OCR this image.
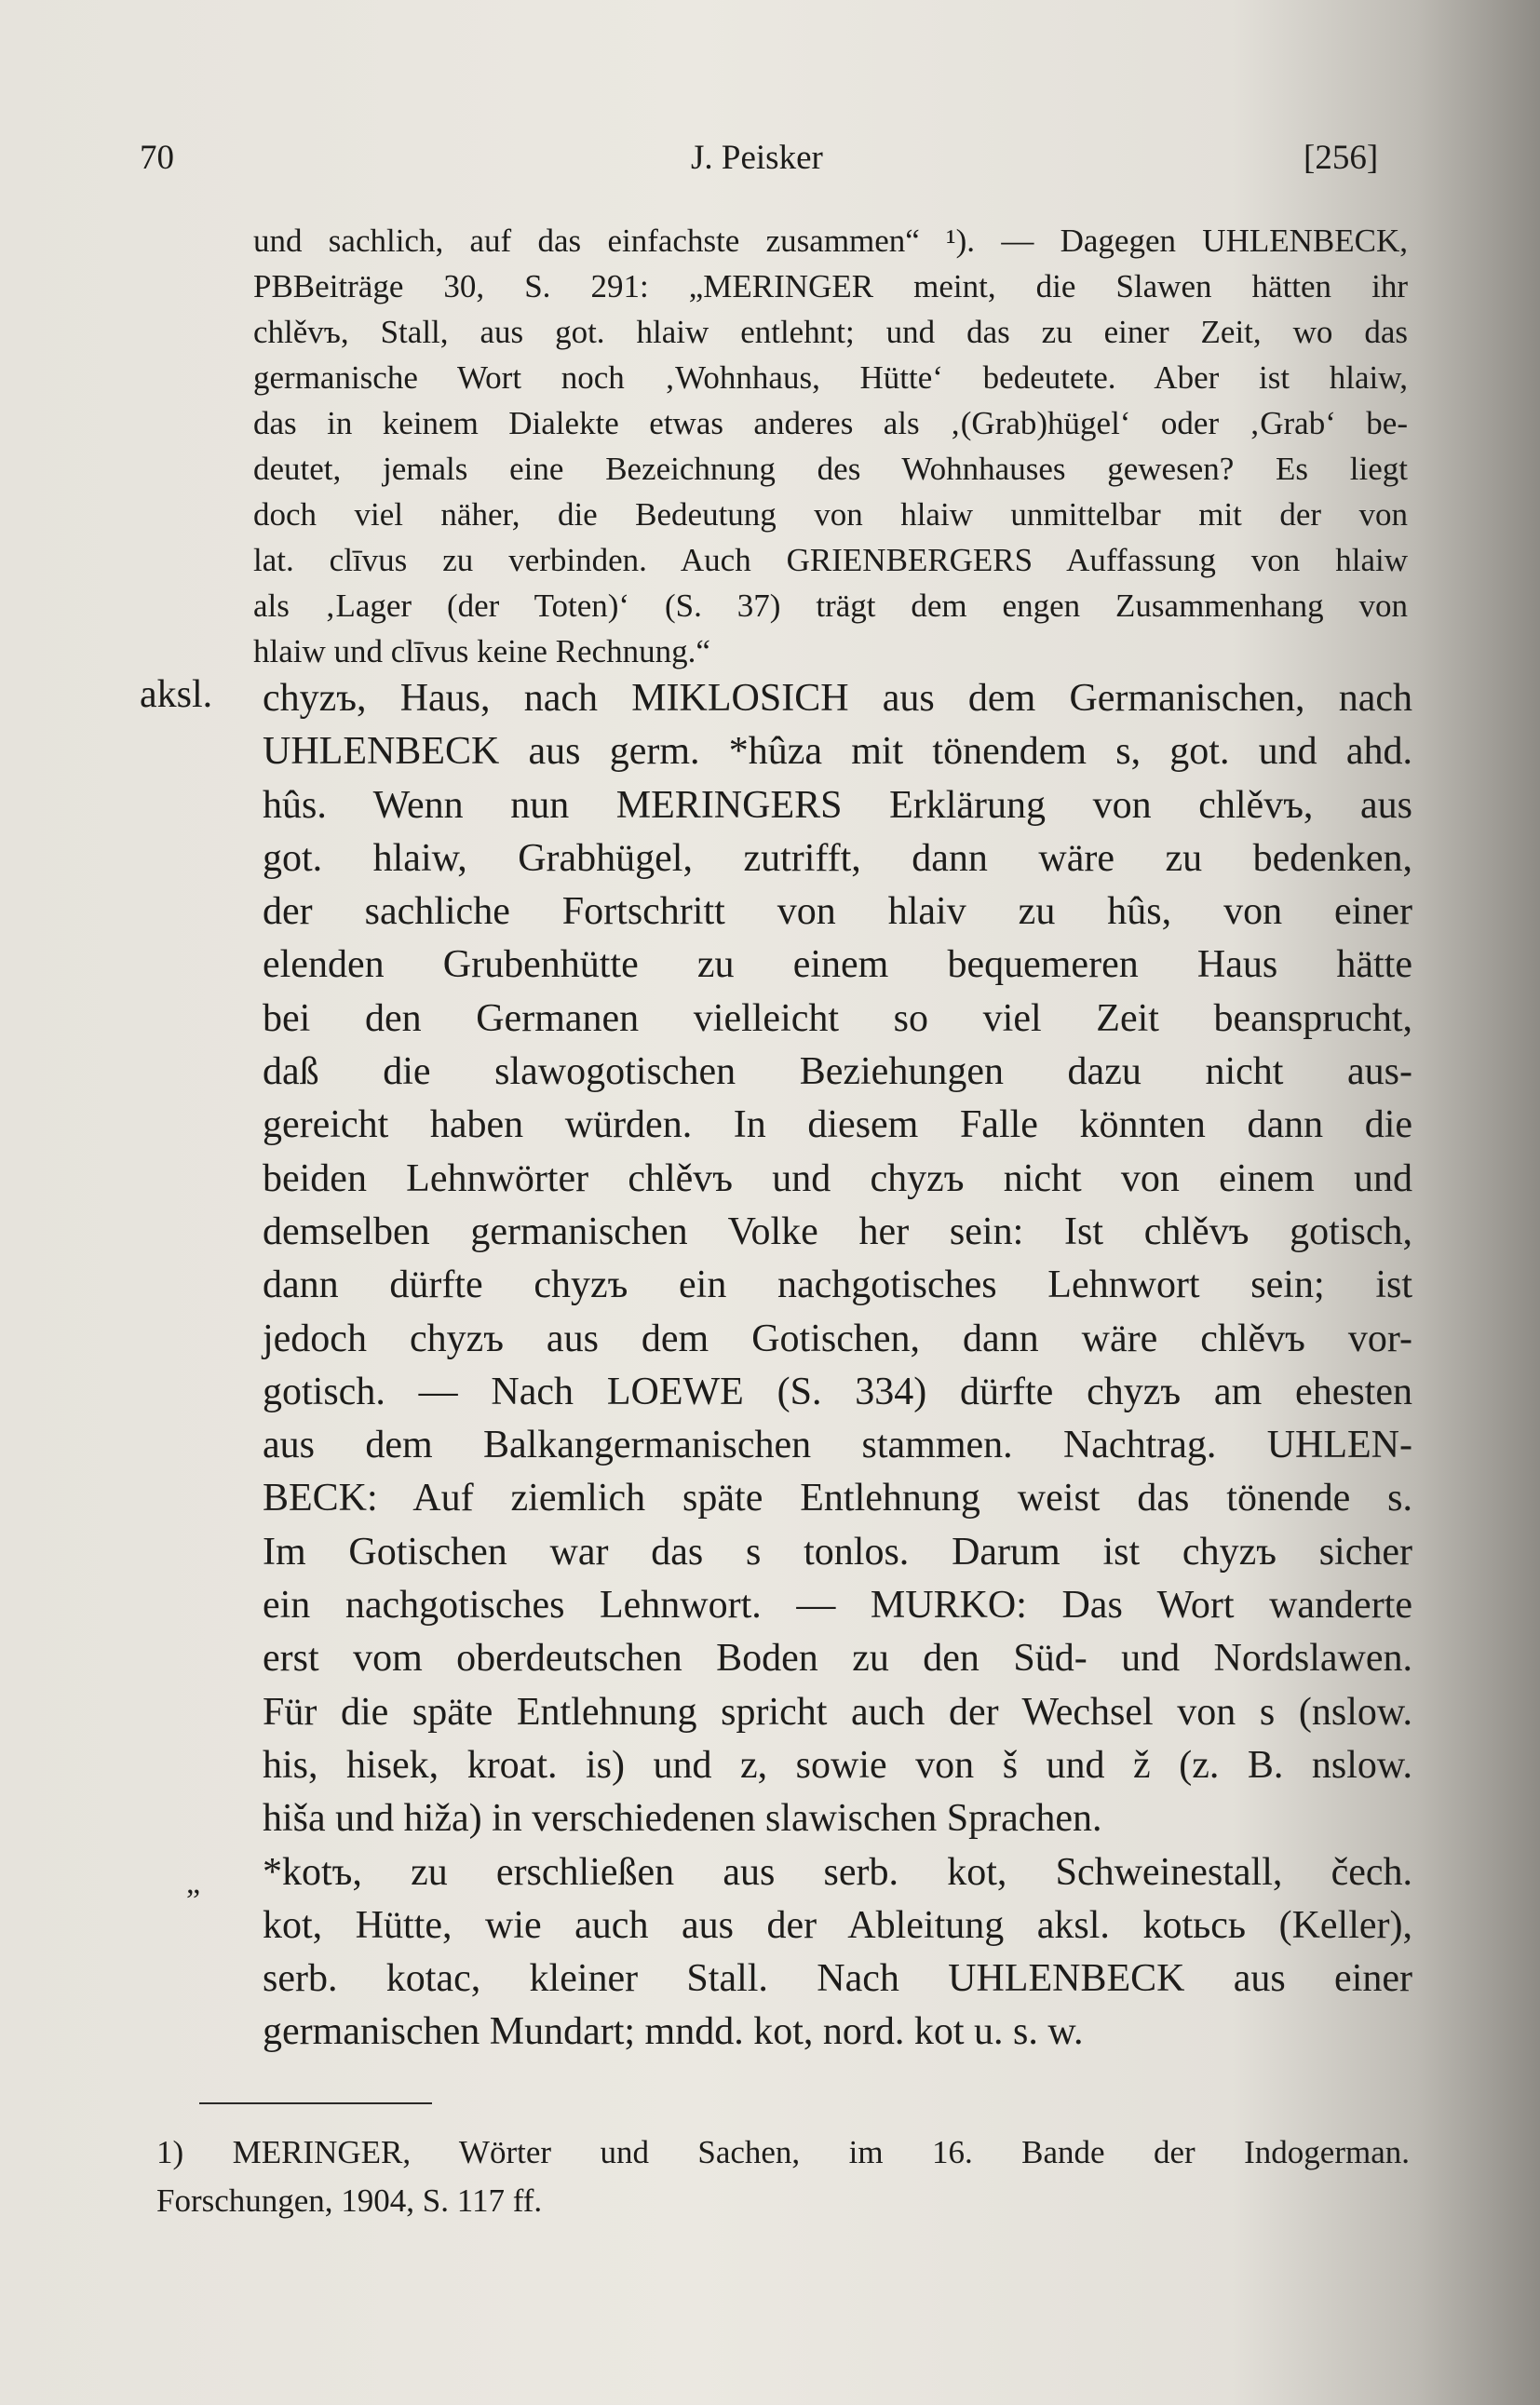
70	J. Peisker	[256]
und sachlich, auf das einfachste zusammen“ ¹). — Dagegen UHLENBECK,
PBBeiträge 30, S. 291: „MERINGER meint, die Slawen hätten ihr
chlěvъ, Stall, aus got. hlaiw entlehnt; und das zu einer Zeit, wo das
germanische Wort noch ‚Wohnhaus, Hütte‘ bedeutete. Aber ist hlaiw,
das in keinem Dialekte etwas anderes als ‚(Grab)hügel‘ oder ‚Grab‘ be-
deutet, jemals eine Bezeichnung des Wohnhauses gewesen? Es liegt
doch viel näher, die Bedeutung von hlaiw unmittelbar mit der von
lat. clīvus zu verbinden. Auch GRIENBERGERS Auffassung von hlaiw
als ‚Lager (der Toten)‘ (S. 37) trägt dem engen Zusammenhang von
hlaiw und clīvus keine Rechnung.“
aksl.
„
chyzъ, Haus, nach MIKLOSICH aus dem Germanischen, nach
UHLENBECK aus germ. *hûza mit tönendem s, got. und ahd.
hûs. Wenn nun MERINGERS Erklärung von chlěvъ, aus
got. hlaiw, Grabhügel, zutrifft, dann wäre zu bedenken,
der sachliche Fortschritt von hlaiv zu hûs, von einer
elenden Grubenhütte zu einem bequemeren Haus hätte
bei den Germanen vielleicht so viel Zeit beansprucht,
daß die slawogotischen Beziehungen dazu nicht aus-
gereicht haben würden. In diesem Falle könnten dann die
beiden Lehnwörter chlěvъ und chyzъ nicht von einem und
demselben germanischen Volke her sein: Ist chlěvъ gotisch,
dann dürfte chyzъ ein nachgotisches Lehnwort sein; ist
jedoch chyzъ aus dem Gotischen, dann wäre chlěvъ vor-
gotisch. — Nach LOEWE (S. 334) dürfte chyzъ am ehesten
aus dem Balkangermanischen stammen. Nachtrag. UHLEN-
BECK: Auf ziemlich späte Entlehnung weist das tönende s.
Im Gotischen war das s tonlos. Darum ist chyzъ sicher
ein nachgotisches Lehnwort. — MURKO: Das Wort wanderte
erst vom oberdeutschen Boden zu den Süd- und Nordslawen.
Für die späte Entlehnung spricht auch der Wechsel von s (nslow.
his, hisek, kroat. is) und z, sowie von š und ž (z. B. nslow.
hiša und hiža) in verschiedenen slawischen Sprachen.
*kotъ, zu erschließen aus serb. kot, Schweinestall, čech.
kot, Hütte, wie auch aus der Ableitung aksl. kotьcь (Keller),
serb. kotac, kleiner Stall. Nach UHLENBECK aus einer
germanischen Mundart; mndd. kot, nord. kot u. s. w.
1) MERINGER, Wörter und Sachen, im 16. Bande der Indogerman.
Forschungen, 1904, S. 117 ff.
